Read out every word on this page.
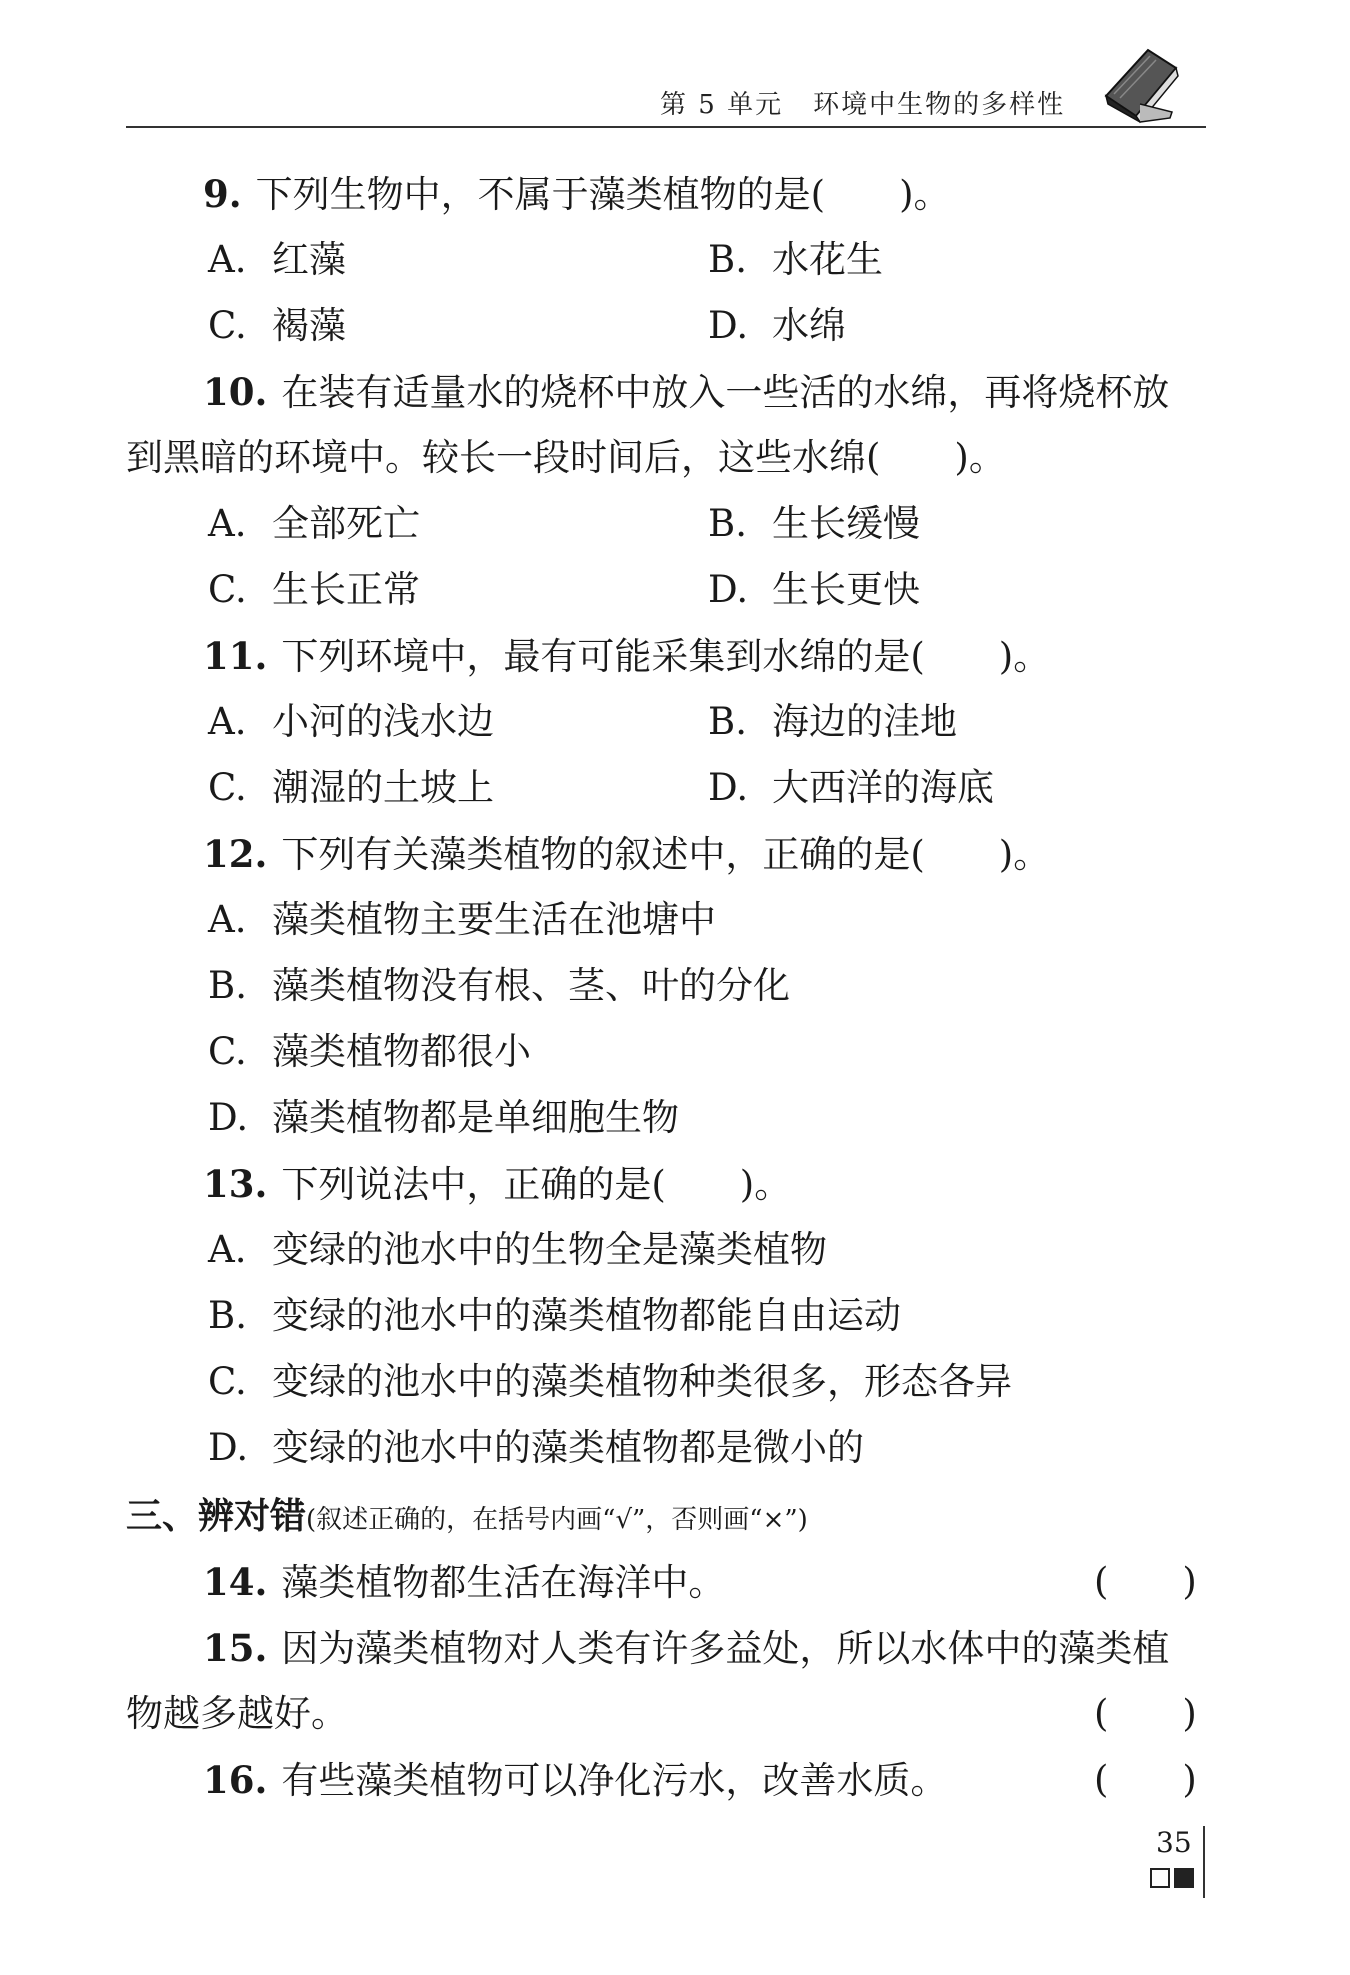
第 5 单元 环境中生物的多样性
9. 下列生物中，不属于藻类植物的是(　　)。
A. 红藻	B. 水花生
C. 褐藻	D. 水绵
10. 在装有适量水的烧杯中放入一些活的水绵，再将烧杯放
到黑暗的环境中。较长一段时间后，这些水绵(　　)。
A. 全部死亡	B. 生长缓慢
C. 生长正常	D. 生长更快
11. 下列环境中，最有可能采集到水绵的是(　　)。
A. 小河的浅水边	B. 海边的洼地
C. 潮湿的土坡上	D. 大西洋的海底
12. 下列有关藻类植物的叙述中，正确的是(　　)。
A. 藻类植物主要生活在池塘中
B. 藻类植物没有根、茎、叶的分化
C. 藻类植物都很小
D. 藻类植物都是单细胞生物
13. 下列说法中，正确的是(　　)。
A. 变绿的池水中的生物全是藻类植物
B. 变绿的池水中的藻类植物都能自由运动
C. 变绿的池水中的藻类植物种类很多，形态各异
D. 变绿的池水中的藻类植物都是微小的
三、辨对错(叙述正确的，在括号内画“√”，否则画“×”)
14. 藻类植物都生活在海洋中。	(　　)
15. 因为藻类植物对人类有许多益处，所以水体中的藻类植
物越多越好。	(　　)
16. 有些藻类植物可以净化污水，改善水质。	(　　)
35
